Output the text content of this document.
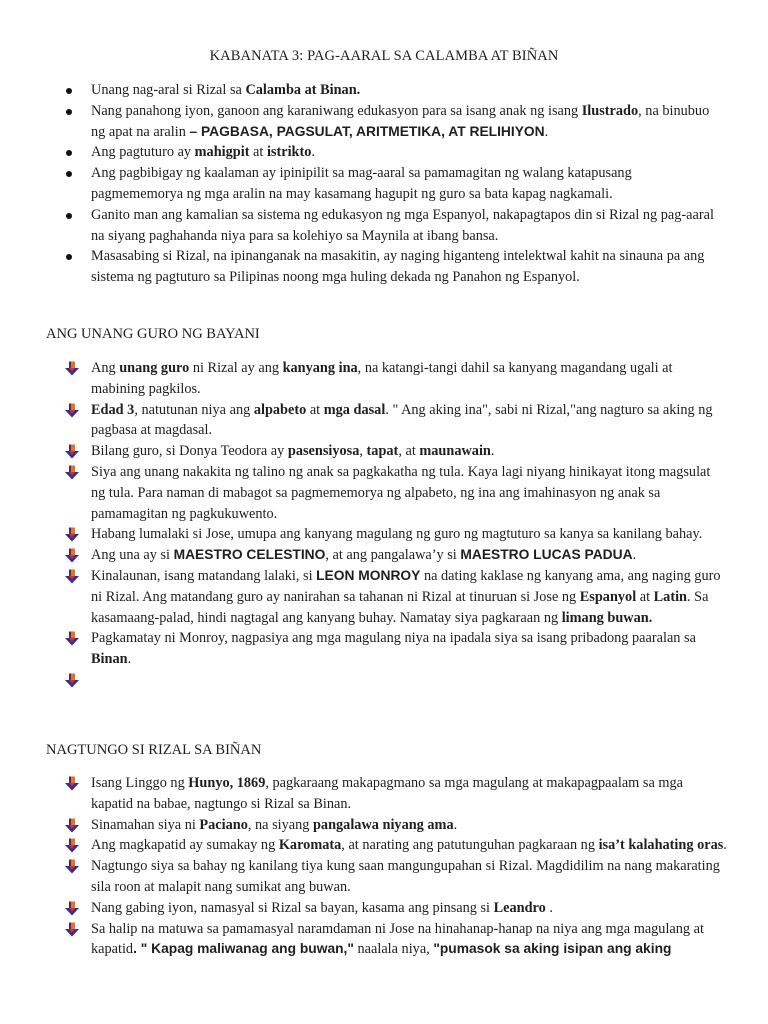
KABANATA 3: PAG-AARAL SA CALAMBA AT BIÑAN
Unang nag-aral si Rizal sa Calamba at Binan.
Nang panahong iyon, ganoon ang karaniwang edukasyon para sa isang anak ng isang Ilustrado, na binubuo ng apat na aralin – PAGBASA, PAGSULAT, ARITMETIKA, AT RELIHIYON.
Ang pagtuturo ay mahigpit at istrikto.
Ang pagbibigay ng kaalaman ay ipinipilit sa mag-aaral sa pamamagitan ng walang katapusang pagmememorya ng mga aralin na may kasamang hagupit ng guro sa bata kapag nagkamali.
Ganito man ang kamalian sa sistema ng edukasyon ng mga Espanyol, nakapagtapos din si Rizal ng pag-aaral na siyang paghahanda niya para sa kolehiyo sa Maynila at ibang bansa.
Masasabing si Rizal, na ipinanganak na masakitin, ay naging higanteng intelektwal kahit na sinauna pa ang sistema ng pagtuturo sa Pilipinas noong mga huling dekada ng Panahon ng Espanyol.
ANG UNANG GURO NG BAYANI
Ang unang guro ni Rizal ay ang kanyang ina, na katangi-tangi dahil sa kanyang magandang ugali at mabining pagkilos.
Edad 3, natutunan niya ang alpabeto at mga dasal. " Ang aking ina", sabi ni Rizal,"ang nagturo sa aking ng pagbasa at magdasal.
Bilang guro, si Donya Teodora ay pasensiyosa, tapat, at maunawain.
Siya ang unang nakakita ng talino ng anak sa pagkakatha ng tula. Kaya lagi niyang hinikayat itong magsulat ng tula. Para naman di mabagot sa pagmememorya ng alpabeto, ng ina ang imahinasyon ng anak sa pamamagitan ng pagkukuwento.
Habang lumalaki si Jose, umupa ang kanyang magulang ng guro ng magtuturo sa kanya sa kanilang bahay.
Ang una ay si MAESTRO CELESTINO, at ang pangalawa’y si MAESTRO LUCAS PADUA.
Kinalaunan, isang matandang lalaki, si LEON MONROY na dating kaklase ng kanyang ama, ang naging guro ni Rizal. Ang matandang guro ay nanirahan sa tahanan ni Rizal at tinuruan si Jose ng Espanyol at Latin. Sa kasamaang-palad, hindi nagtagal ang kanyang buhay. Namatay siya pagkaraan ng limang buwan.
Pagkamatay ni Monroy, nagpasiya ang mga magulang niya na ipadala siya sa isang pribadong paaralan sa Binan.
NAGTUNGO SI RIZAL SA BIÑAN
Isang Linggo ng Hunyo, 1869, pagkaraang makapagmano sa mga magulang at makapagpaalam sa mga kapatid na babae, nagtungo si Rizal sa Binan.
Sinamahan siya ni Paciano, na siyang pangalawa niyang ama.
Ang magkapatid ay sumakay ng Karomata, at narating ang patutunguhan pagkaraan ng isa’t kalahating oras.
Nagtungo siya sa bahay ng kanilang tiya kung saan mangungupahan si Rizal. Magdidilim na nang makarating sila roon at malapit nang sumikat ang buwan.
Nang gabing iyon, namasyal si Rizal sa bayan, kasama ang pinsang si Leandro .
Sa halip na matuwa sa pamamasyal naramdaman ni Jose na hinahanap-hanap na niya ang mga magulang at kapatid. " Kapag maliwanag ang buwan," naalala niya, "pumasok sa aking isipan ang aking
